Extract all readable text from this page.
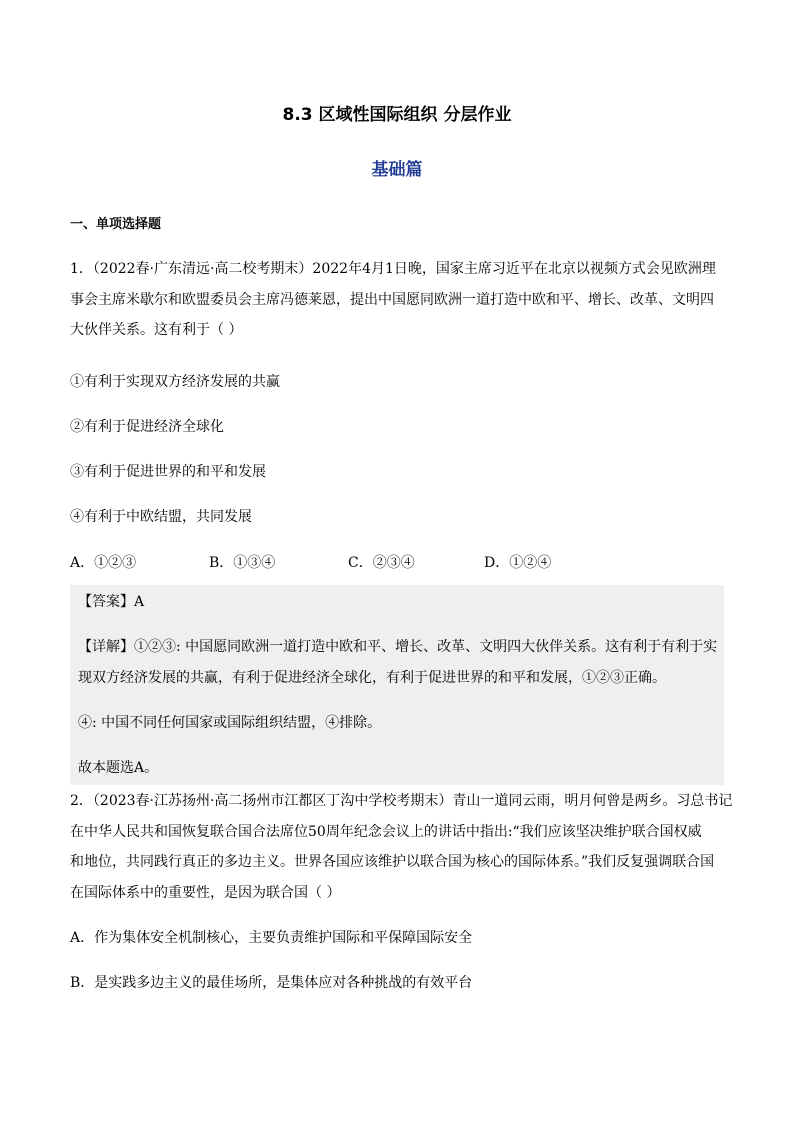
8.3 区域性国际组织 分层作业
基础篇
一、单项选择题
1．（2022春·广东清远·高二校考期末）2022年4月1日晚，国家主席习近平在北京以视频方式会见欧洲理
事会主席米歇尔和欧盟委员会主席冯德莱恩，提出中国愿同欧洲一道打造中欧和平、增长、改革、文明四
大伙伴关系。这有利于（ ）
①有利于实现双方经济发展的共赢
②有利于促进经济全球化
③有利于促进世界的和平和发展
④有利于中欧结盟，共同发展
A．①②③	B．①③④	C．②③④	D．①②④
【答案】A
【详解】①②③: 中国愿同欧洲一道打造中欧和平、增长、改革、文明四大伙伴关系。这有利于有利于实
现双方经济发展的共赢，有利于促进经济全球化，有利于促进世界的和平和发展，①②③正确。
④: 中国不同任何国家或国际组织结盟，④排除。
故本题选A。
2．（2023春·江苏扬州·高二扬州市江都区丁沟中学校考期末）青山一道同云雨，明月何曾是两乡。习总书记
在中华人民共和国恢复联合国合法席位50周年纪念会议上的讲话中指出:“我们应该坚决维护联合国权威
和地位，共同践行真正的多边主义。世界各国应该维护以联合国为核心的国际体系。”我们反复强调联合国
在国际体系中的重要性，是因为联合国（ ）
A．作为集体安全机制核心，主要负责维护国际和平保障国际安全
B．是实践多边主义的最佳场所，是集体应对各种挑战的有效平台
